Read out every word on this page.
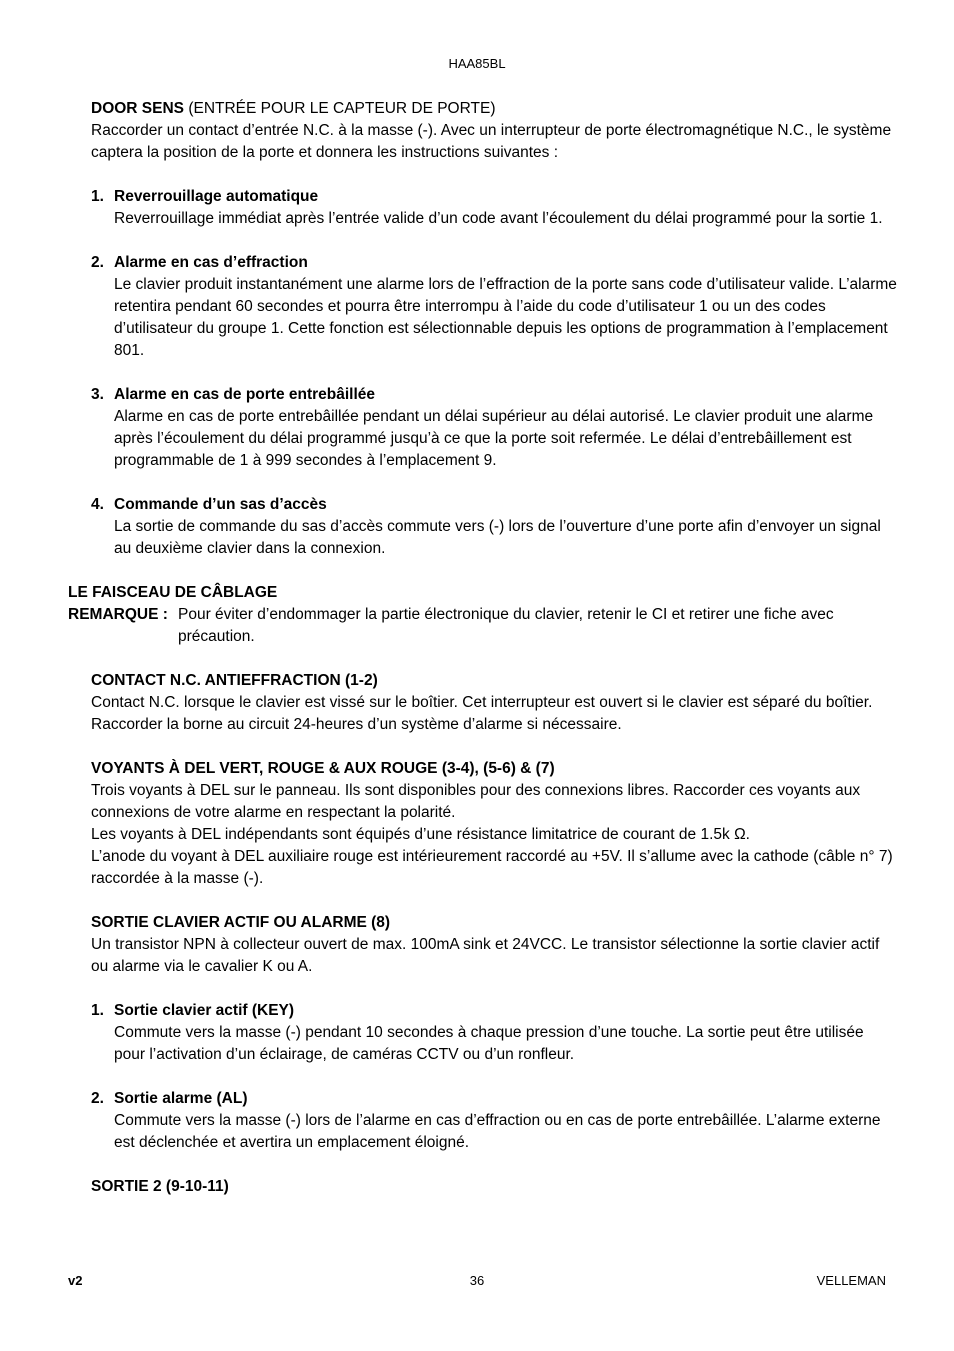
HAA85BL

DOOR SENS (ENTRÉE POUR LE CAPTEUR DE PORTE)

Raccorder un contact d’entrée N.C. à la masse (-). Avec un interrupteur de porte électromagnétique N.C., le système captera la position de la porte et donnera les instructions suivantes :

1. Reverrouillage automatique

Reverrouillage immédiat après l’entrée valide d’un code avant l’écoulement du délai programmé pour la sortie 1.

2. Alarme en cas d’effraction

Le clavier produit instantanément une alarme lors de l’effraction de la porte sans code d’utilisateur valide. L’alarme retentira pendant 60 secondes et pourra être interrompu à l’aide du code d’utilisateur 1 ou un des codes d’utilisateur du groupe 1. Cette fonction est sélectionnable depuis les options de programmation à l’emplacement 801.

3. Alarme en cas de porte entrebâillée

Alarme en cas de porte entrebâillée pendant un délai supérieur au délai autorisé. Le clavier produit une alarme après l’écoulement du délai programmé jusqu’à ce que la porte soit refermée. Le délai d’entrebâillement est programmable de 1 à 999 secondes à l’emplacement 9.

4. Commande d’un sas d’accès

La sortie de commande du sas d’accès commute vers (-) lors de l’ouverture d’une porte afin d’envoyer un signal au deuxième clavier dans la connexion.

LE FAISCEAU DE CÂBLAGE

REMARQUE : Pour éviter d’endommager la partie électronique du clavier, retenir le CI et retirer une fiche avec précaution.

CONTACT N.C. ANTIEFFRACTION (1-2)

Contact N.C. lorsque le clavier est vissé sur le boîtier. Cet interrupteur est ouvert si le clavier est séparé du boîtier. Raccorder la borne au circuit 24-heures d’un système d’alarme si nécessaire.

VOYANTS À DEL VERT, ROUGE & AUX ROUGE (3-4), (5-6) & (7)

Trois voyants à DEL sur le panneau. Ils sont disponibles pour des connexions libres. Raccorder ces voyants aux connexions de votre alarme en respectant la polarité.

Les voyants à DEL indépendants sont équipés d’une résistance limitatrice de courant de 1.5k Ω.

L’anode du voyant à DEL auxiliaire rouge est intérieurement raccordé au +5V. Il s’allume avec la cathode (câble n° 7) raccordée à la masse (-).

SORTIE CLAVIER ACTIF OU ALARME (8)

Un transistor NPN à collecteur ouvert de max. 100mA sink et 24VCC. Le transistor sélectionne la sortie clavier actif ou alarme via le cavalier K ou A.

1. Sortie clavier actif (KEY)

Commute vers la masse (-) pendant 10 secondes à chaque pression d’une touche. La sortie peut être utilisée pour l’activation d’un éclairage, de caméras CCTV ou d’un ronfleur.

2. Sortie alarme (AL)

Commute vers la masse (-) lors de l’alarme en cas d’effraction ou en cas de porte entrebâillée. L’alarme externe est déclenchée et avertira un emplacement éloigné.

SORTIE 2 (9-10-11)

v2	36	VELLEMAN
